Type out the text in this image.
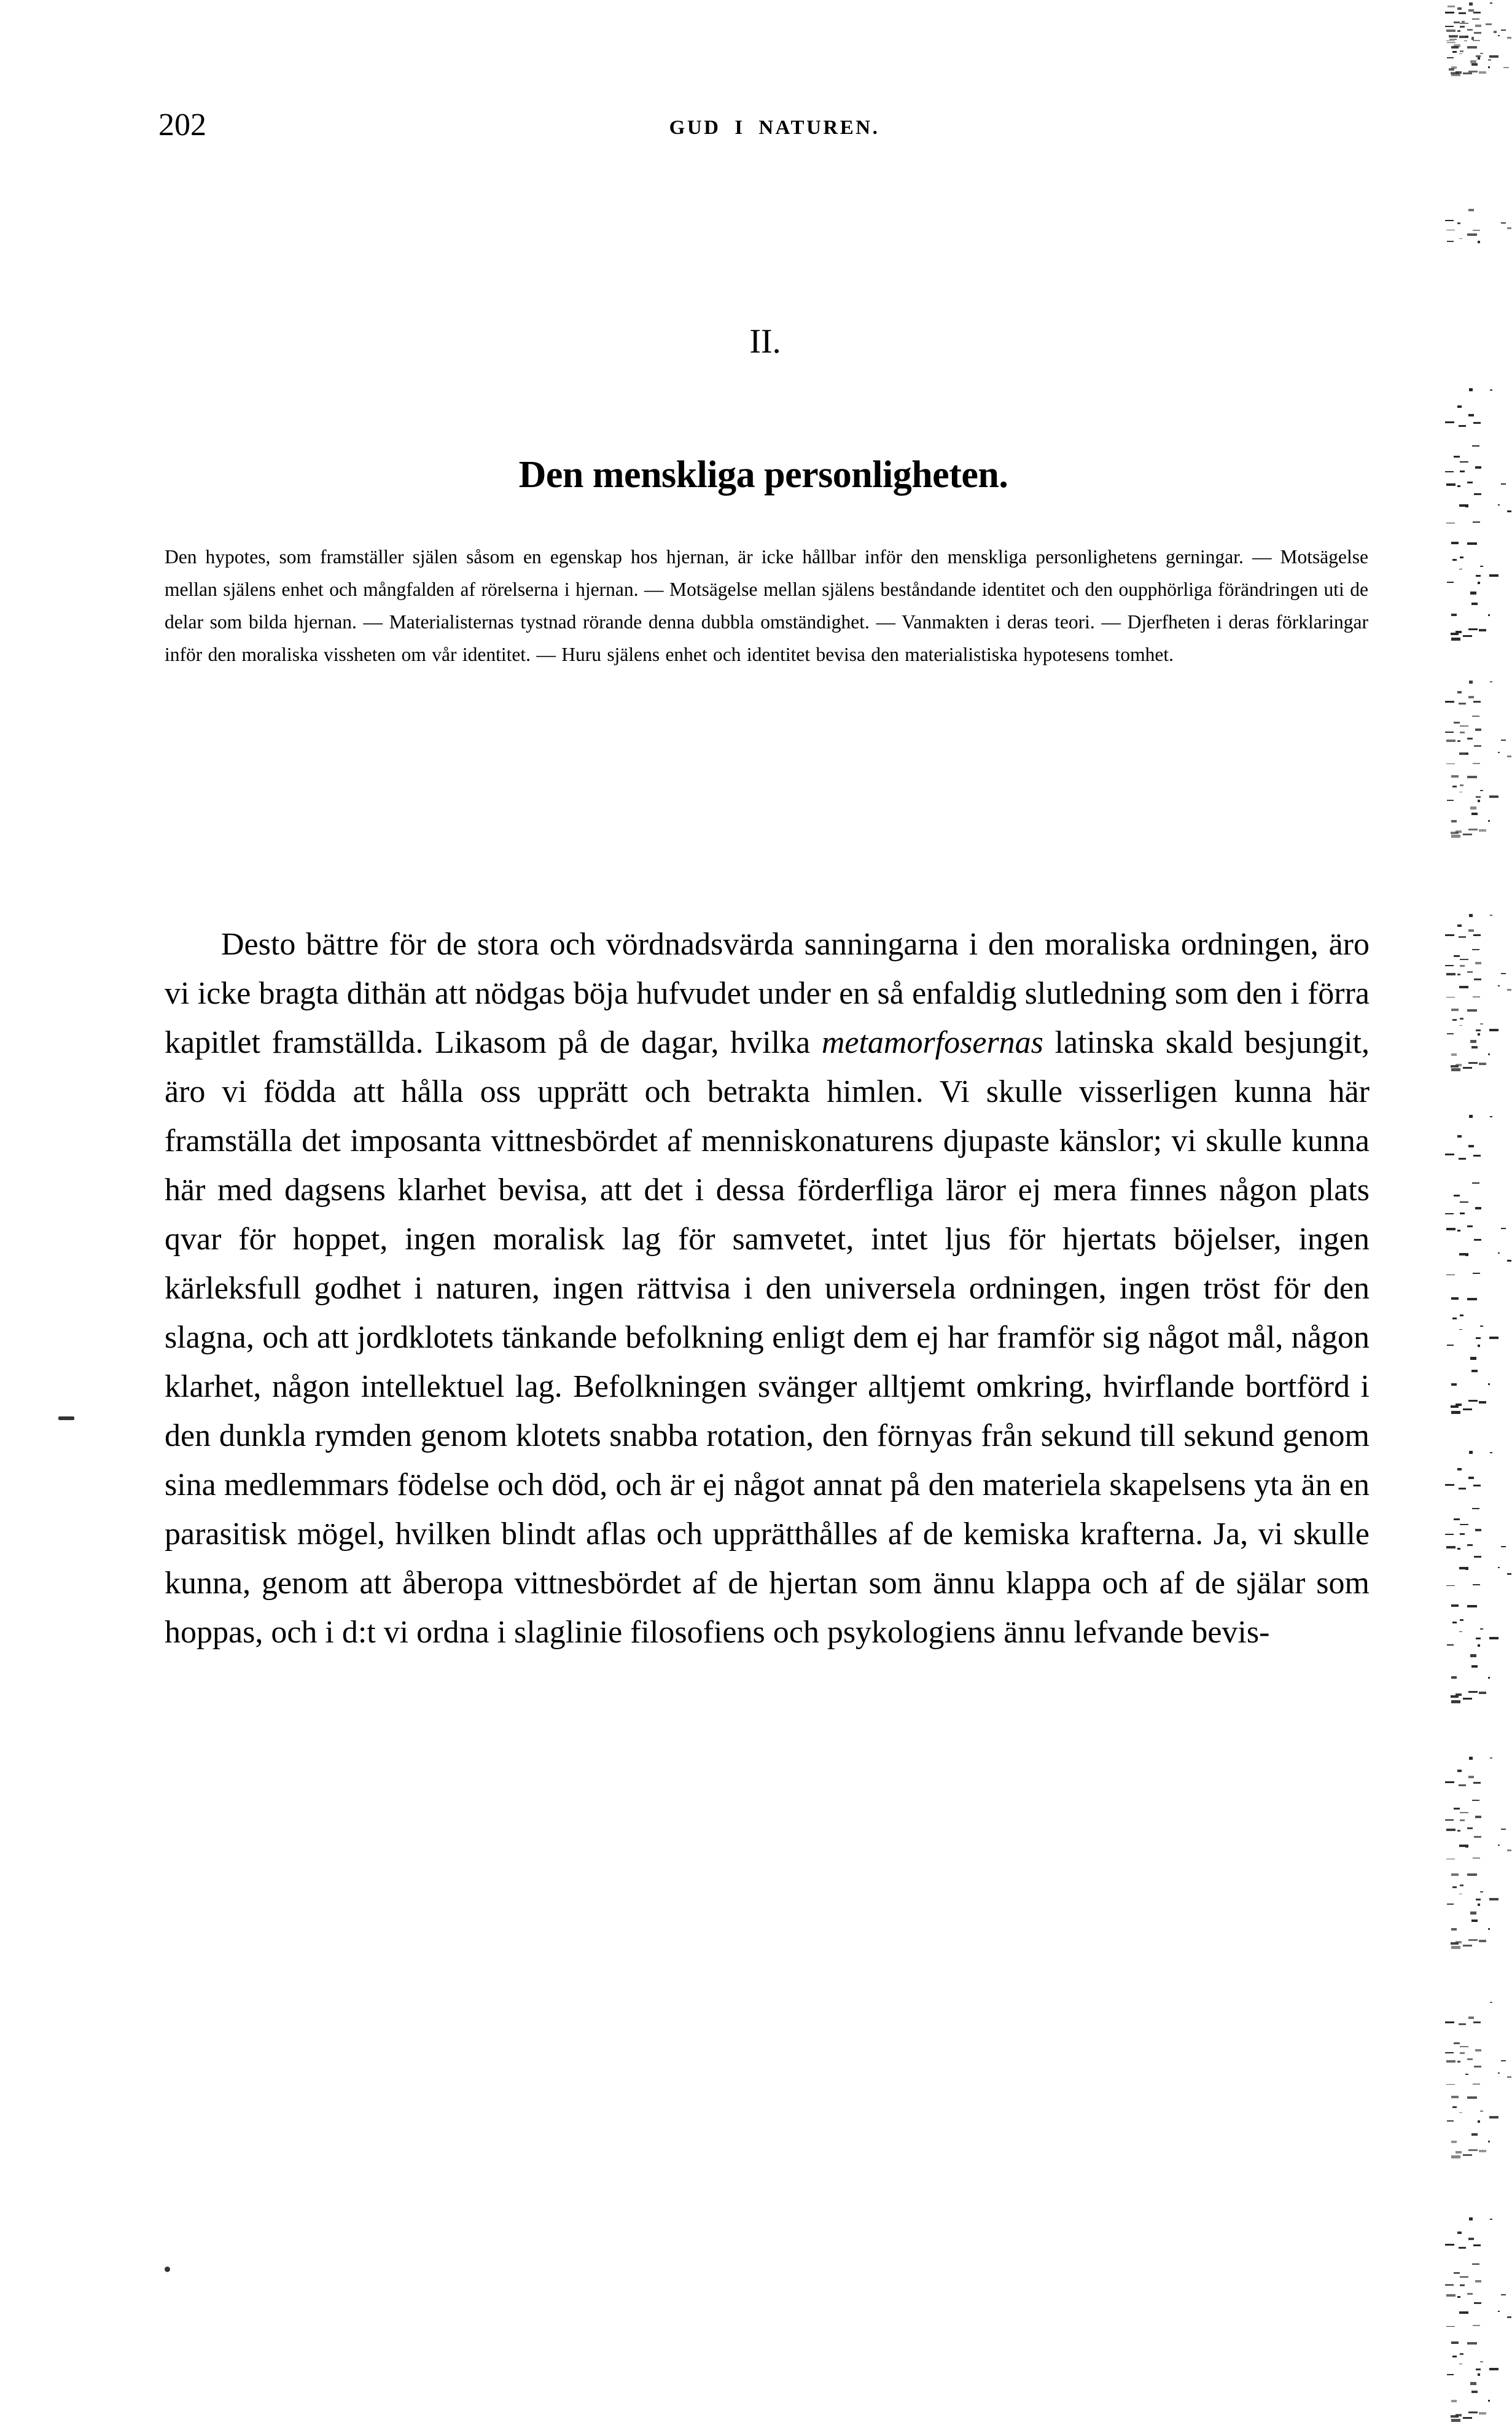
202	GUD I NATUREN.
II.
Den menskliga personligheten.
Den hypotes, som framställer själen såsom en egenskap hos hjernan, är icke hållbar inför den menskliga personlighetens gerningar. — Motsägelse mellan själens enhet och mångfalden af rörelserna i hjernan. — Motsägelse mellan själens beståndande identitet och den oupphörliga förändringen uti de delar som bilda hjernan. — Materialisternas tystnad rörande denna dubbla omständighet. — Vanmakten i deras teori. — Djerfheten i deras förklaringar inför den moraliska vissheten om vår identitet. — Huru själens enhet och identitet bevisa den materialistiska hypotesens tomhet.

Desto bättre för de stora och vördnadsvärda sanningarna i den moraliska ordningen, äro vi icke bragta dithän att nödgas böja hufvudet under en så enfaldig slutledning som den i förra kapitlet framställda. Likasom på de dagar, hvilka metamorfosernas latinska skald besjungit, äro vi födda att hålla oss upprätt och betrakta himlen. Vi skulle visserligen kunna här framställa det imposanta vittnesbördet af menniskonaturens djupaste känslor; vi skulle kunna här med dagsens klarhet bevisa, att det i dessa förderfliga läror ej mera finnes någon plats qvar för hoppet, ingen moralisk lag för samvetet, intet ljus för hjertats böjelser, ingen kärleksfull godhet i naturen, ingen rättvisa i den universela ordningen, ingen tröst för den slagna, och att jordklotets tänkande befolkning enligt dem ej har framför sig något mål, någon klarhet, någon intellektuel lag. Befolkningen svänger alltjemt omkring, hvirflande bortförd i den dunkla rymden genom klotets snabba rotation, den förnyas från sekund till sekund genom sina medlemmars födelse och död, och är ej något annat på den materiela skapelsens yta än en parasitisk mögel, hvilken blindt aflas och upprätthålles af de kemiska krafterna. Ja, vi skulle kunna, genom att åberopa vittnesbördet af de hjertan som ännu klappa och af de själar som hoppas, och i d:t vi ordna i slaglinie filosofiens och psykologiens ännu lefvande bevis-
